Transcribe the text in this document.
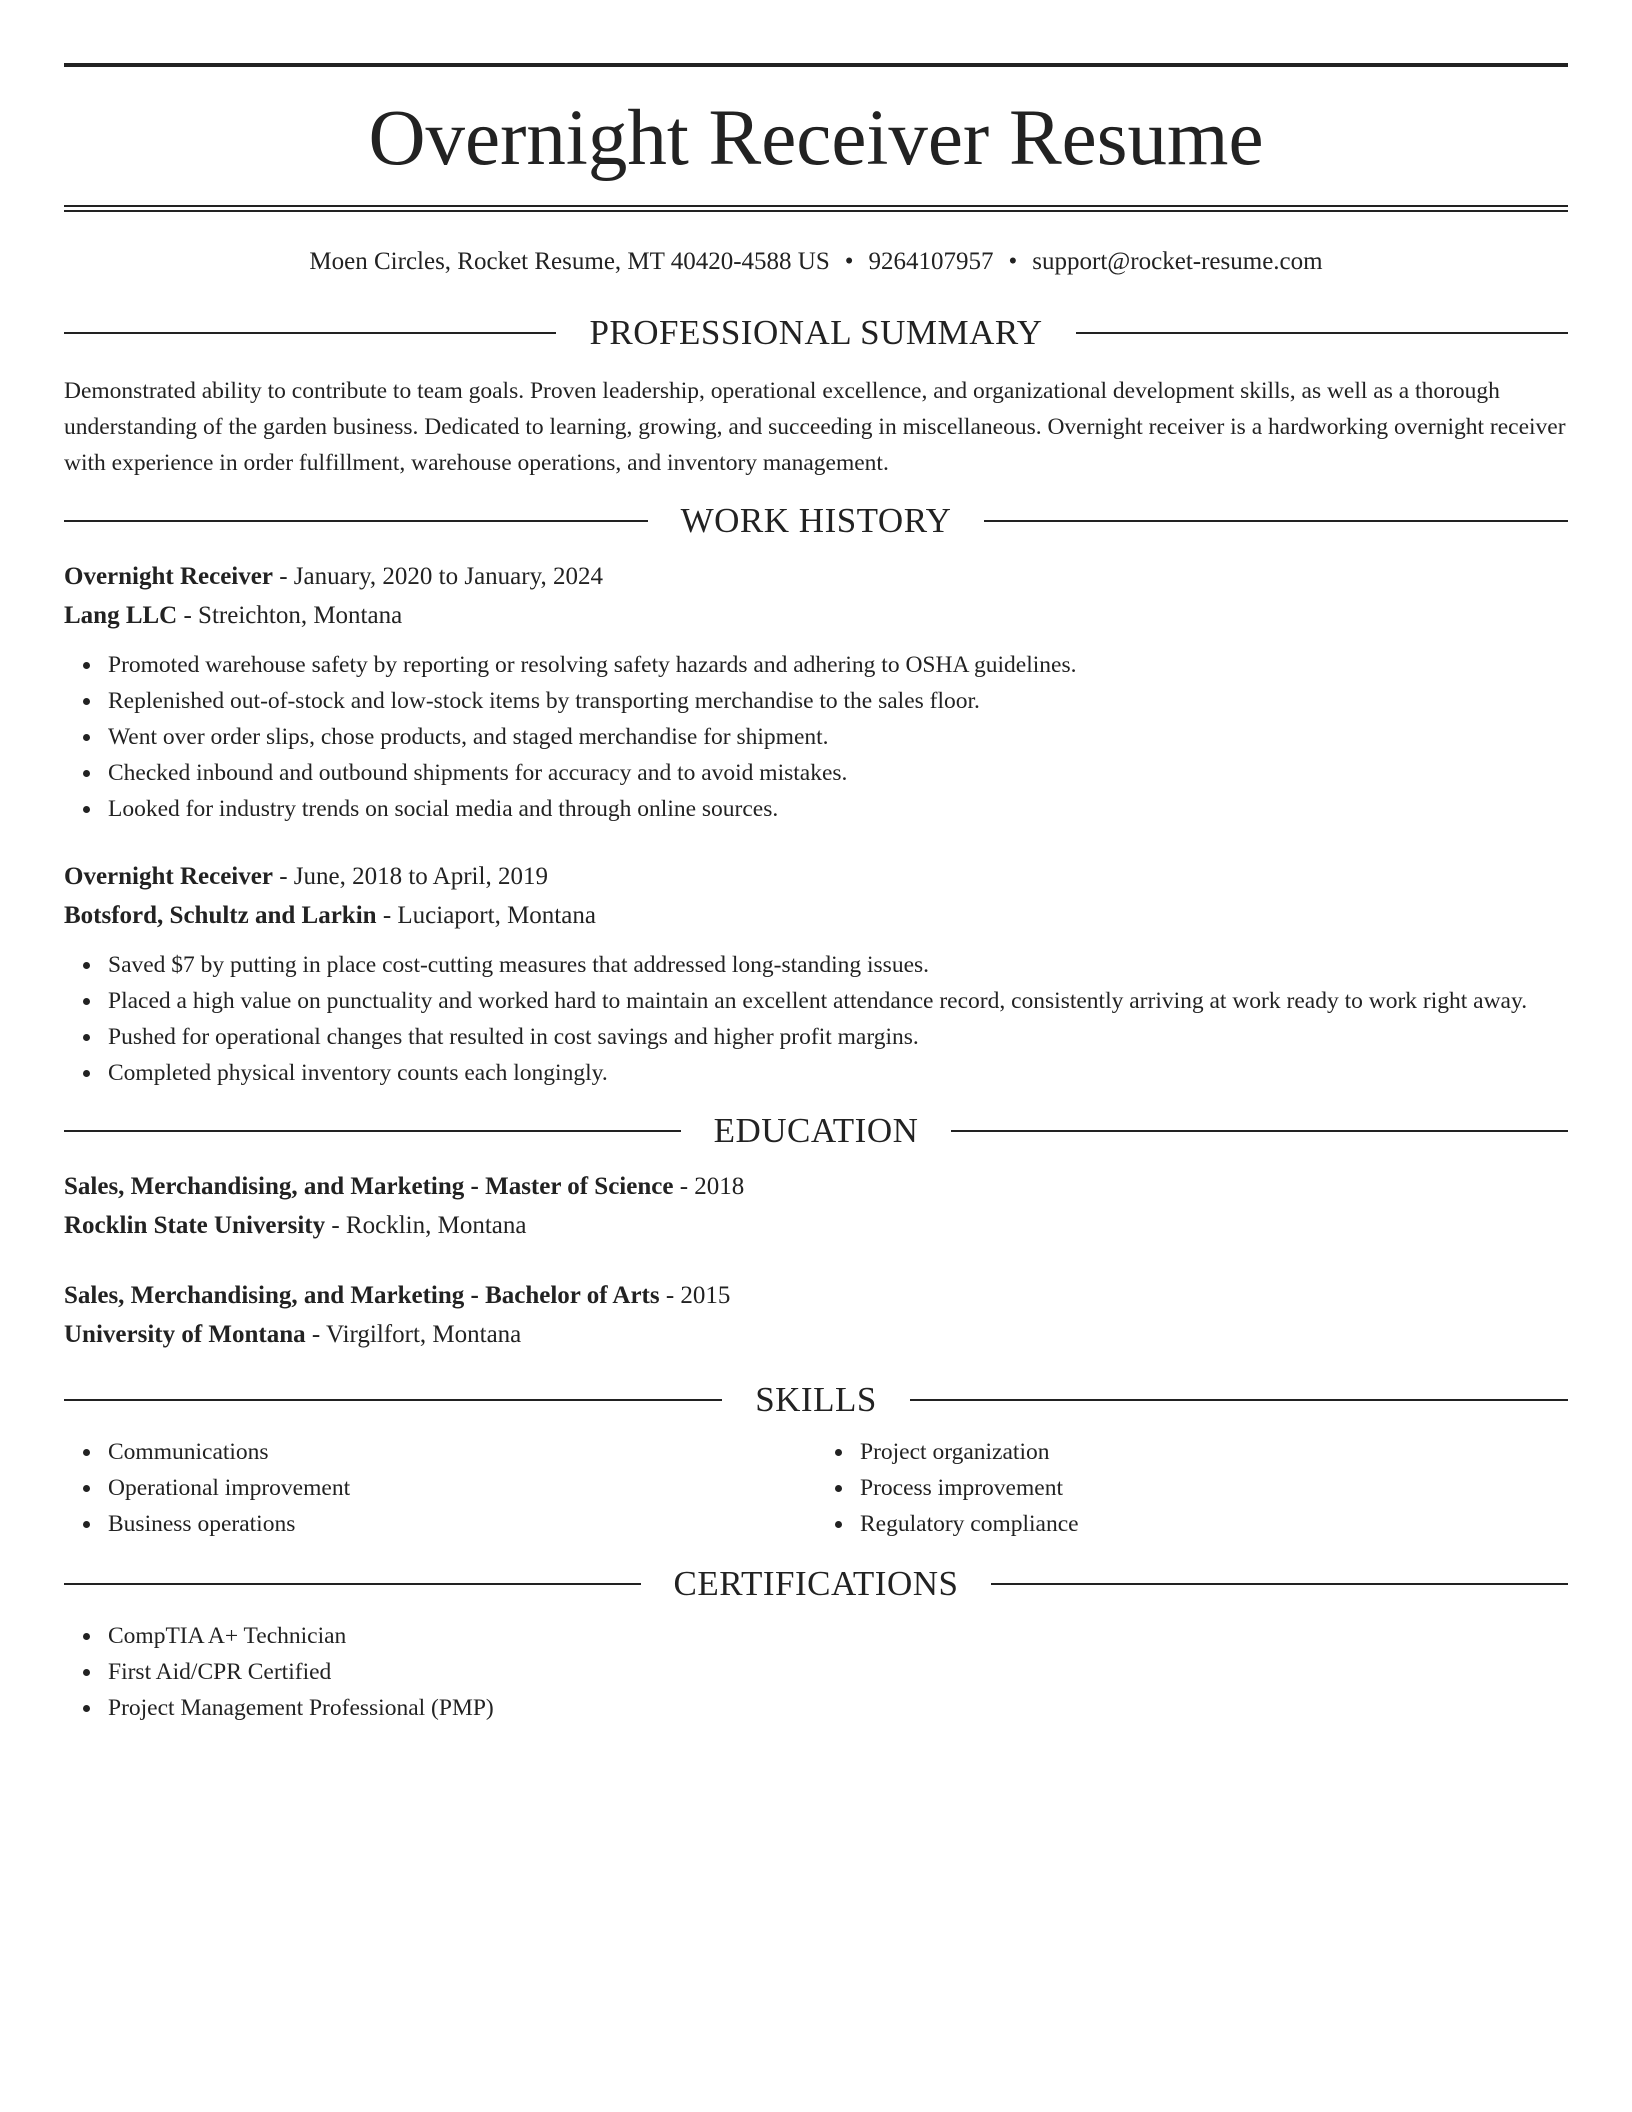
Overnight Receiver Resume
Moen Circles, Rocket Resume, MT 40420-4588 US • 9264107957 • support@rocket-resume.com
PROFESSIONAL SUMMARY
Demonstrated ability to contribute to team goals. Proven leadership, operational excellence, and organizational development skills, as well as a thorough understanding of the garden business. Dedicated to learning, growing, and succeeding in miscellaneous. Overnight receiver is a hardworking overnight receiver with experience in order fulfillment, warehouse operations, and inventory management.
WORK HISTORY
Overnight Receiver - January, 2020 to January, 2024
Lang LLC - Streichton, Montana
Promoted warehouse safety by reporting or resolving safety hazards and adhering to OSHA guidelines.
Replenished out-of-stock and low-stock items by transporting merchandise to the sales floor.
Went over order slips, chose products, and staged merchandise for shipment.
Checked inbound and outbound shipments for accuracy and to avoid mistakes.
Looked for industry trends on social media and through online sources.
Overnight Receiver - June, 2018 to April, 2019
Botsford, Schultz and Larkin - Luciaport, Montana
Saved $7 by putting in place cost-cutting measures that addressed long-standing issues.
Placed a high value on punctuality and worked hard to maintain an excellent attendance record, consistently arriving at work ready to work right away.
Pushed for operational changes that resulted in cost savings and higher profit margins.
Completed physical inventory counts each longingly.
EDUCATION
Sales, Merchandising, and Marketing - Master of Science - 2018
Rocklin State University - Rocklin, Montana
Sales, Merchandising, and Marketing - Bachelor of Arts - 2015
University of Montana - Virgilfort, Montana
SKILLS
Communications
Operational improvement
Business operations
Project organization
Process improvement
Regulatory compliance
CERTIFICATIONS
CompTIA A+ Technician
First Aid/CPR Certified
Project Management Professional (PMP)
